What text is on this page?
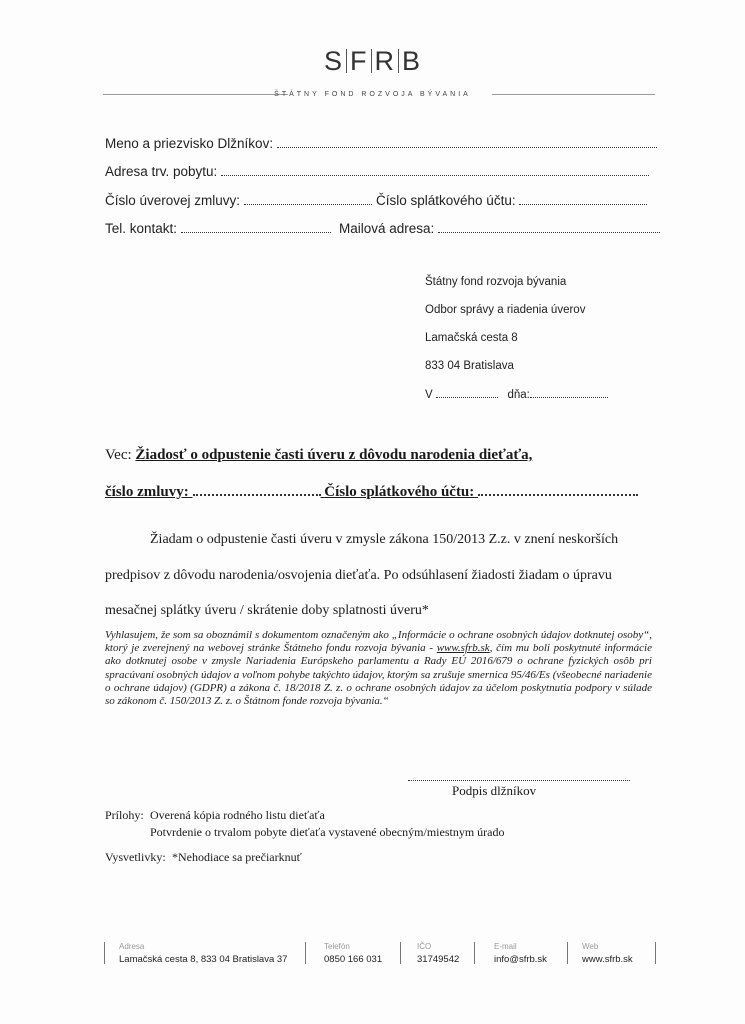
S F R B
ŠTÁTNY FOND ROZVOJA BÝVANIA
Meno a priezvisko Dlžníkov:
Adresa trv. pobytu:
Číslo úverovej zmluvy:	Číslo splátkového účtu:
Tel. kontakt:	Mailová adresa:
Štátny fond rozvoja bývania
Odbor správy a riadenia úverov
Lamačská cesta 8
833 04 Bratislava
V	dňa:
Vec: Žiadosť o odpustenie časti úveru z dôvodu narodenia dieťaťa,
číslo zmluvy:	Číslo splátkového účtu:
Žiadam o odpustenie časti úveru v zmysle zákona 150/2013 Z.z. v znení neskorších
predpisov z dôvodu narodenia/osvojenia dieťaťa. Po odsúhlasení žiadosti žiadam o úpravu
mesačnej splátky úveru / skrátenie doby splatnosti úveru*
Vyhlasujem, že som sa oboznámil s dokumentom označeným ako „Informácie o ochrane osobných údajov dotknutej osoby“, ktorý je zverejnený na webovej stránke Štátneho fondu rozvoja bývania - www.sfrb.sk, čím mu boli poskytnuté informácie ako dotknutej osobe v zmysle Nariadenia Európskeho parlamentu a Rady EÚ 2016/679 o ochrane fyzických osôb pri spracúvaní osobných údajov a voľnom pohybe takýchto údajov, ktorým sa zrušuje smernica 95/46/Es (všeobecné nariadenie o ochrane údajov) (GDPR) a zákona č. 18/2018 Z. z. o ochrane osobných údajov za účelom poskytnutia podpory v súlade so zákonom č. 150/2013 Z. z. o Štátnom fonde rozvoja bývania.“
Podpis dlžníkov
Prílohy: Overená kópia rodného listu dieťaťa
Potvrdenie o trvalom pobyte dieťaťa vystavené obecným/miestnym úrado
Vysvetlivky: *Nehodiace sa prečiarknuť
Adresa
Lamačská cesta 8, 833 04 Bratislava 37
Telefón
0850 166 031
IČO
31749542
E-mail
info@sfrb.sk
Web
www.sfrb.sk
